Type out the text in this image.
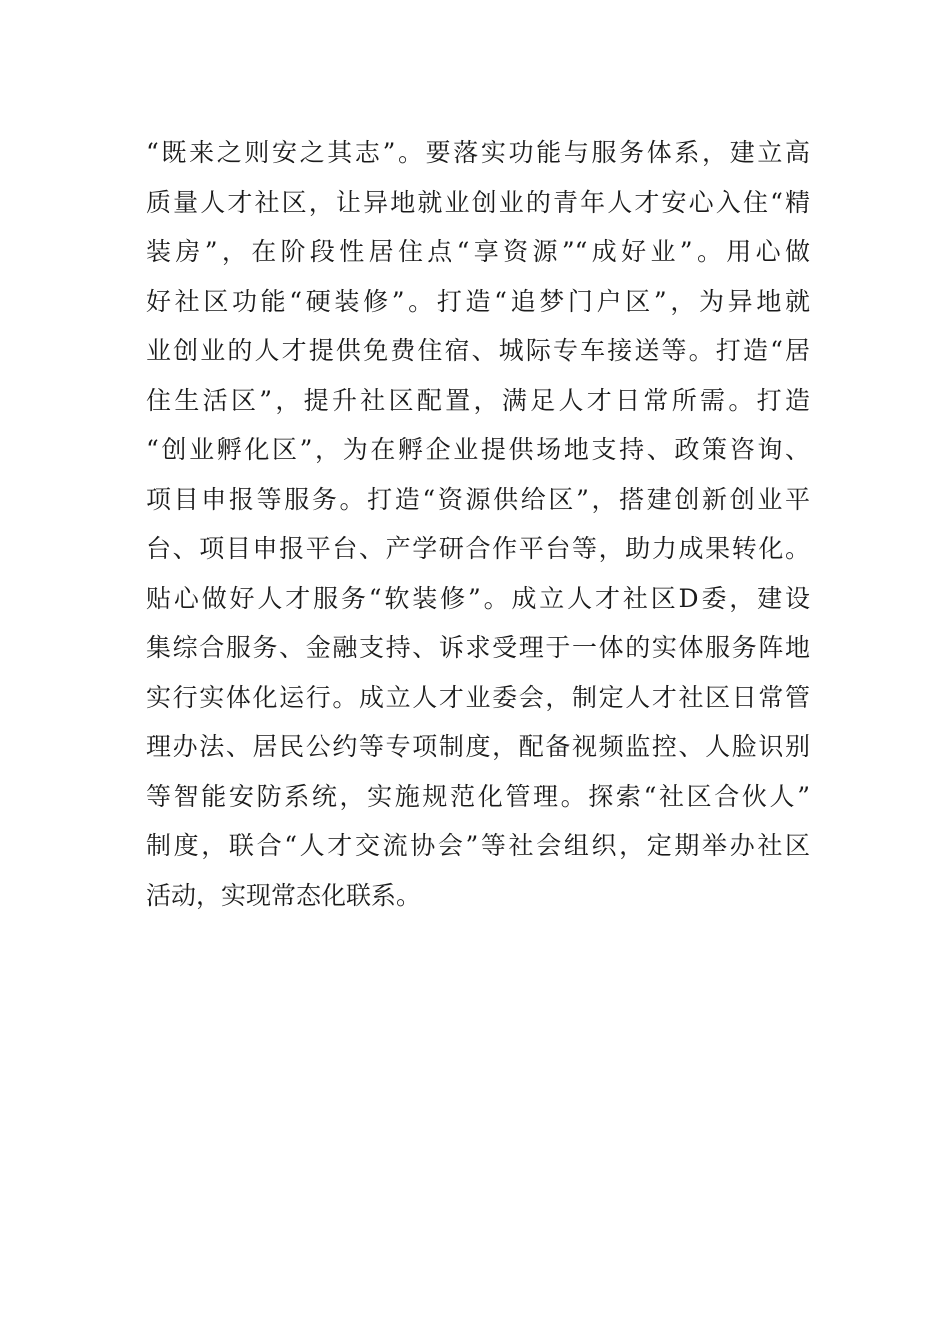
“既来之则安之其志”。要落实功能与服务体系，建立高
质量人才社区，让异地就业创业的青年人才安心入住“精
装房”，在阶段性居住点“享资源”“成好业”。用心做
好社区功能“硬装修”。打造“追梦门户区”，为异地就
业创业的人才提供免费住宿、城际专车接送等。打造“居
住生活区”，提升社区配置，满足人才日常所需。打造
“创业孵化区”，为在孵企业提供场地支持、政策咨询、
项目申报等服务。打造“资源供给区”，搭建创新创业平
台、项目申报平台、产学研合作平台等，助力成果转化。
贴心做好人才服务“软装修”。成立人才社区D委，建设
集综合服务、金融支持、诉求受理于一体的实体服务阵地
实行实体化运行。成立人才业委会，制定人才社区日常管
理办法、居民公约等专项制度，配备视频监控、人脸识别
等智能安防系统，实施规范化管理。探索“社区合伙人”
制度，联合“人才交流协会”等社会组织，定期举办社区
活动，实现常态化联系。
